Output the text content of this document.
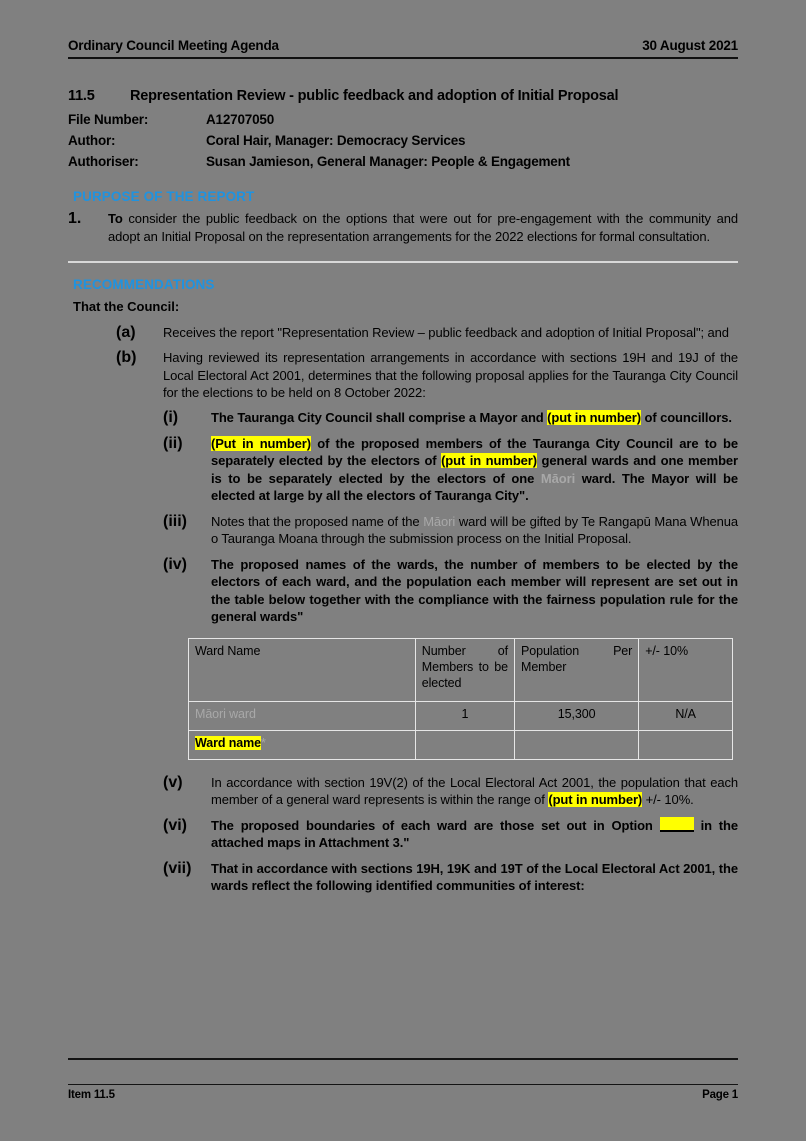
Ordinary Council Meeting Agenda	30 August 2021
11.5	Representation Review - public feedback and adoption of Initial Proposal
File Number:	A12707050
Author:	Coral Hair, Manager: Democracy Services
Authoriser:	Susan Jamieson, General Manager: People & Engagement
PURPOSE OF THE REPORT
1.	To consider the public feedback on the options that were out for pre-engagement with the community and adopt an Initial Proposal on the representation arrangements for the 2022 elections for formal consultation.
RECOMMENDATIONS
That the Council:
(a)	Receives the report "Representation Review – public feedback and adoption of Initial Proposal"; and
(b)	Having reviewed its representation arrangements in accordance with sections 19H and 19J of the Local Electoral Act 2001, determines that the following proposal applies for the Tauranga City Council for the elections to be held on 8 October 2022:
(i)	The Tauranga City Council shall comprise a Mayor and (put in number) of councillors.
(ii)	(Put in number) of the proposed members of the Tauranga City Council are to be separately elected by the electors of (put in number) general wards and one member is to be separately elected by the electors of one Māori ward. The Mayor will be elected at large by all the electors of Tauranga City".
(iii)	Notes that the proposed name of the Māori ward will be gifted by Te Rangapū Mana Whenua o Tauranga Moana through the submission process on the Initial Proposal.
(iv)	The proposed names of the wards, the number of members to be elected by the electors of each ward, and the population each member will represent are set out in the table below together with the compliance with the fairness population rule for the general wards"
Ward Name	Number of Members to be elected	Population Per Member	+/- 10%
Māori ward	1	15,300	N/A
Ward name*			
(v)	In accordance with section 19V(2) of the Local Electoral Act 2001, the population that each member of a general ward represents is within the range of (put in number) +/- 10%.
(vi)	The proposed boundaries of each ward are those set out in Option	in the attached maps in Attachment 3."
(vii)	That in accordance with sections 19H, 19K and 19T of the Local Electoral Act 2001, the wards reflect the following identified communities of interest:
Item 11.5	Page 1
